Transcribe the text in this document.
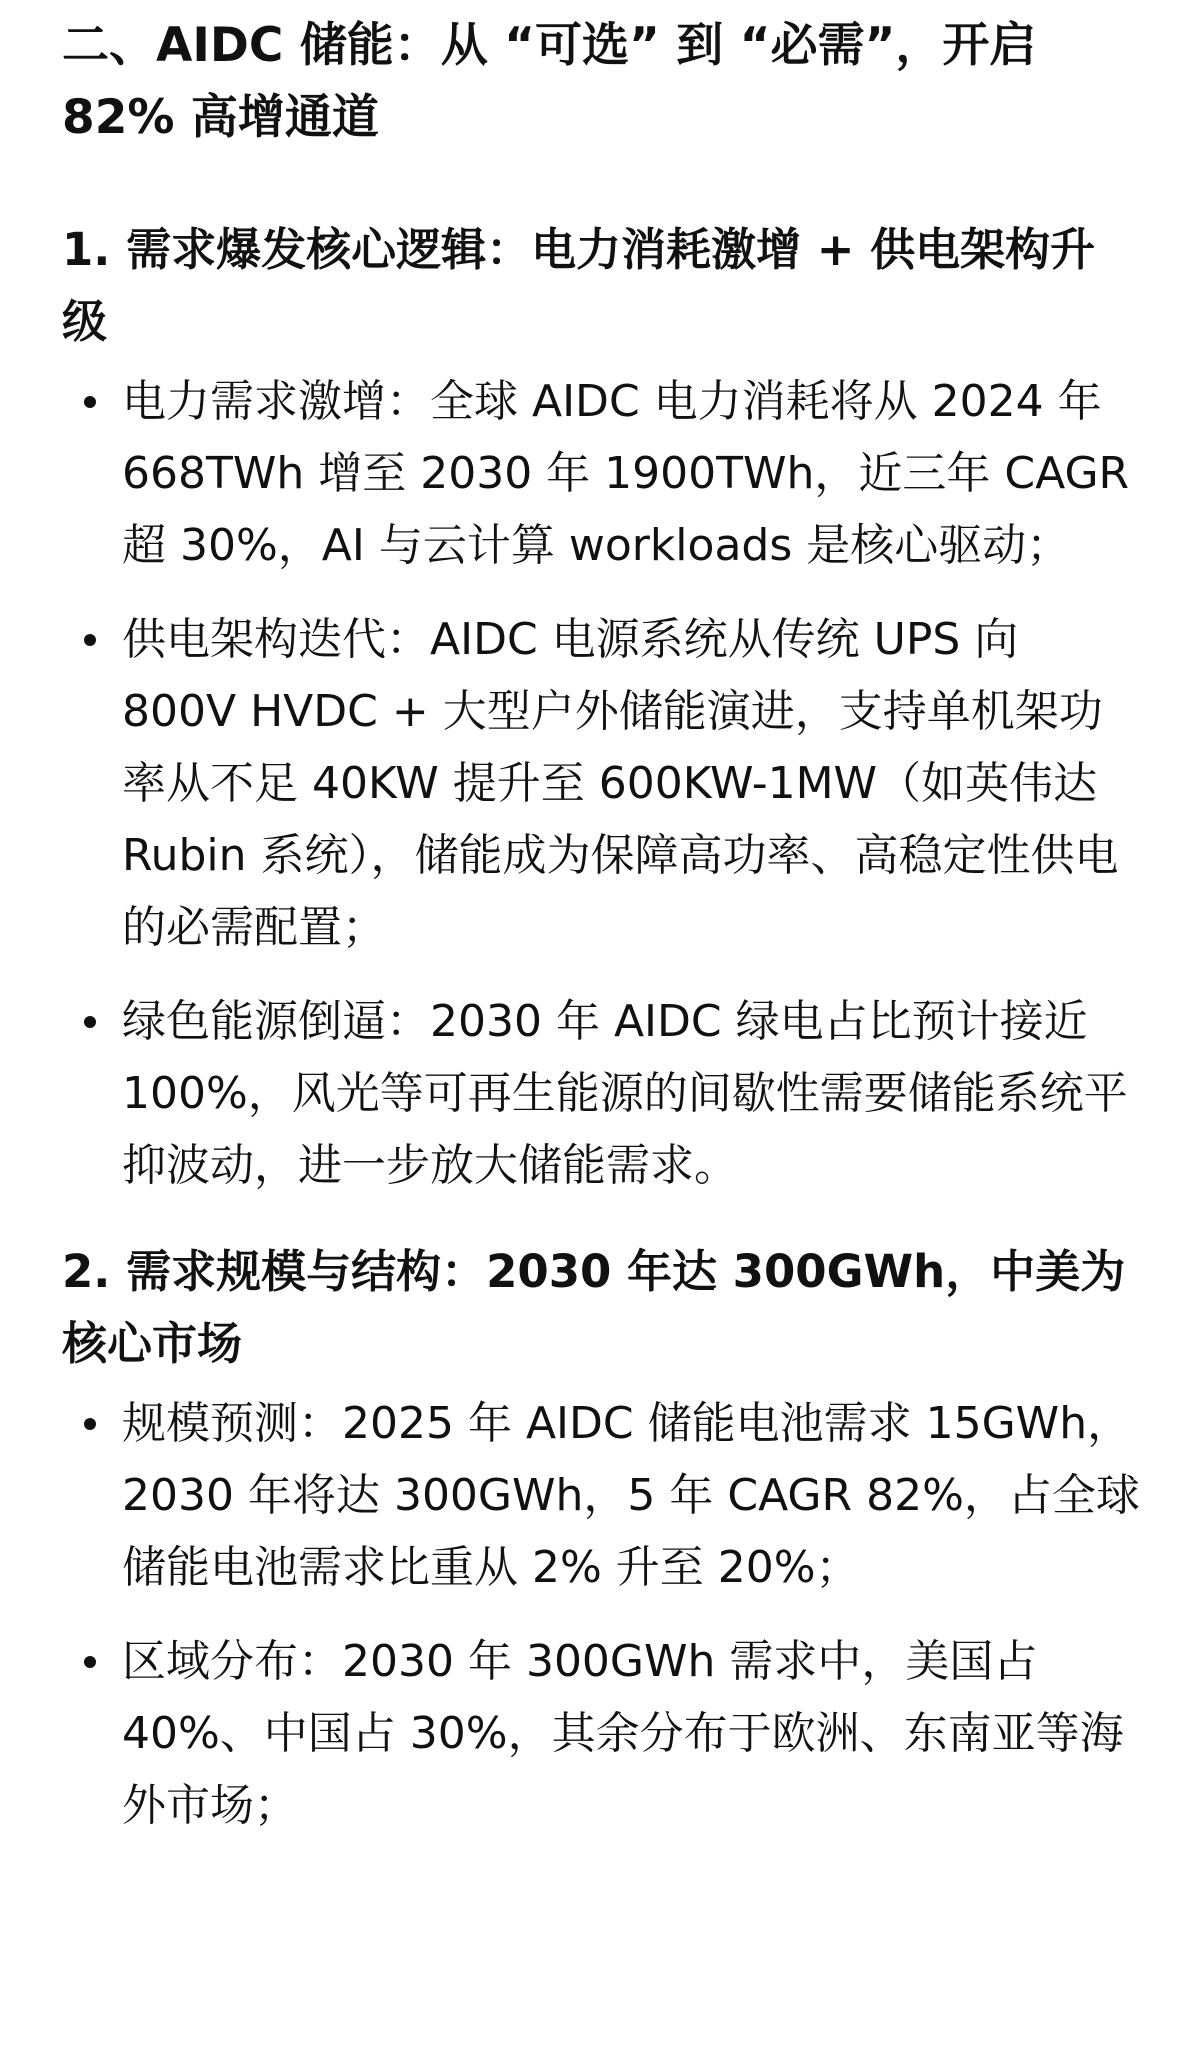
二、AIDC 储能：从 “可选” 到 “必需”，开启 82% 高增通道
1. 需求爆发核心逻辑：电力消耗激增 + 供电架构升级
电力需求激增：全球 AIDC 电力消耗将从 2024 年 668TWh 增至 2030 年 1900TWh，近三年 CAGR 超 30%，AI 与云计算 workloads 是核心驱动；
供电架构迭代：AIDC 电源系统从传统 UPS 向 800V HVDC + 大型户外储能演进，支持单机架功率从不足 40KW 提升至 600KW-1MW（如英伟达 Rubin 系统），储能成为保障高功率、高稳定性供电的必需配置；
绿色能源倒逼：2030 年 AIDC 绿电占比预计接近 100%，风光等可再生能源的间歇性需要储能系统平抑波动，进一步放大储能需求。
2. 需求规模与结构：2030 年达 300GWh，中美为核心市场
规模预测：2025 年 AIDC 储能电池需求 15GWh，2030 年将达 300GWh，5 年 CAGR 82%，占全球储能电池需求比重从 2% 升至 20%；
区域分布：2030 年 300GWh 需求中，美国占 40%、中国占 30%，其余分布于欧洲、东南亚等海外市场；
